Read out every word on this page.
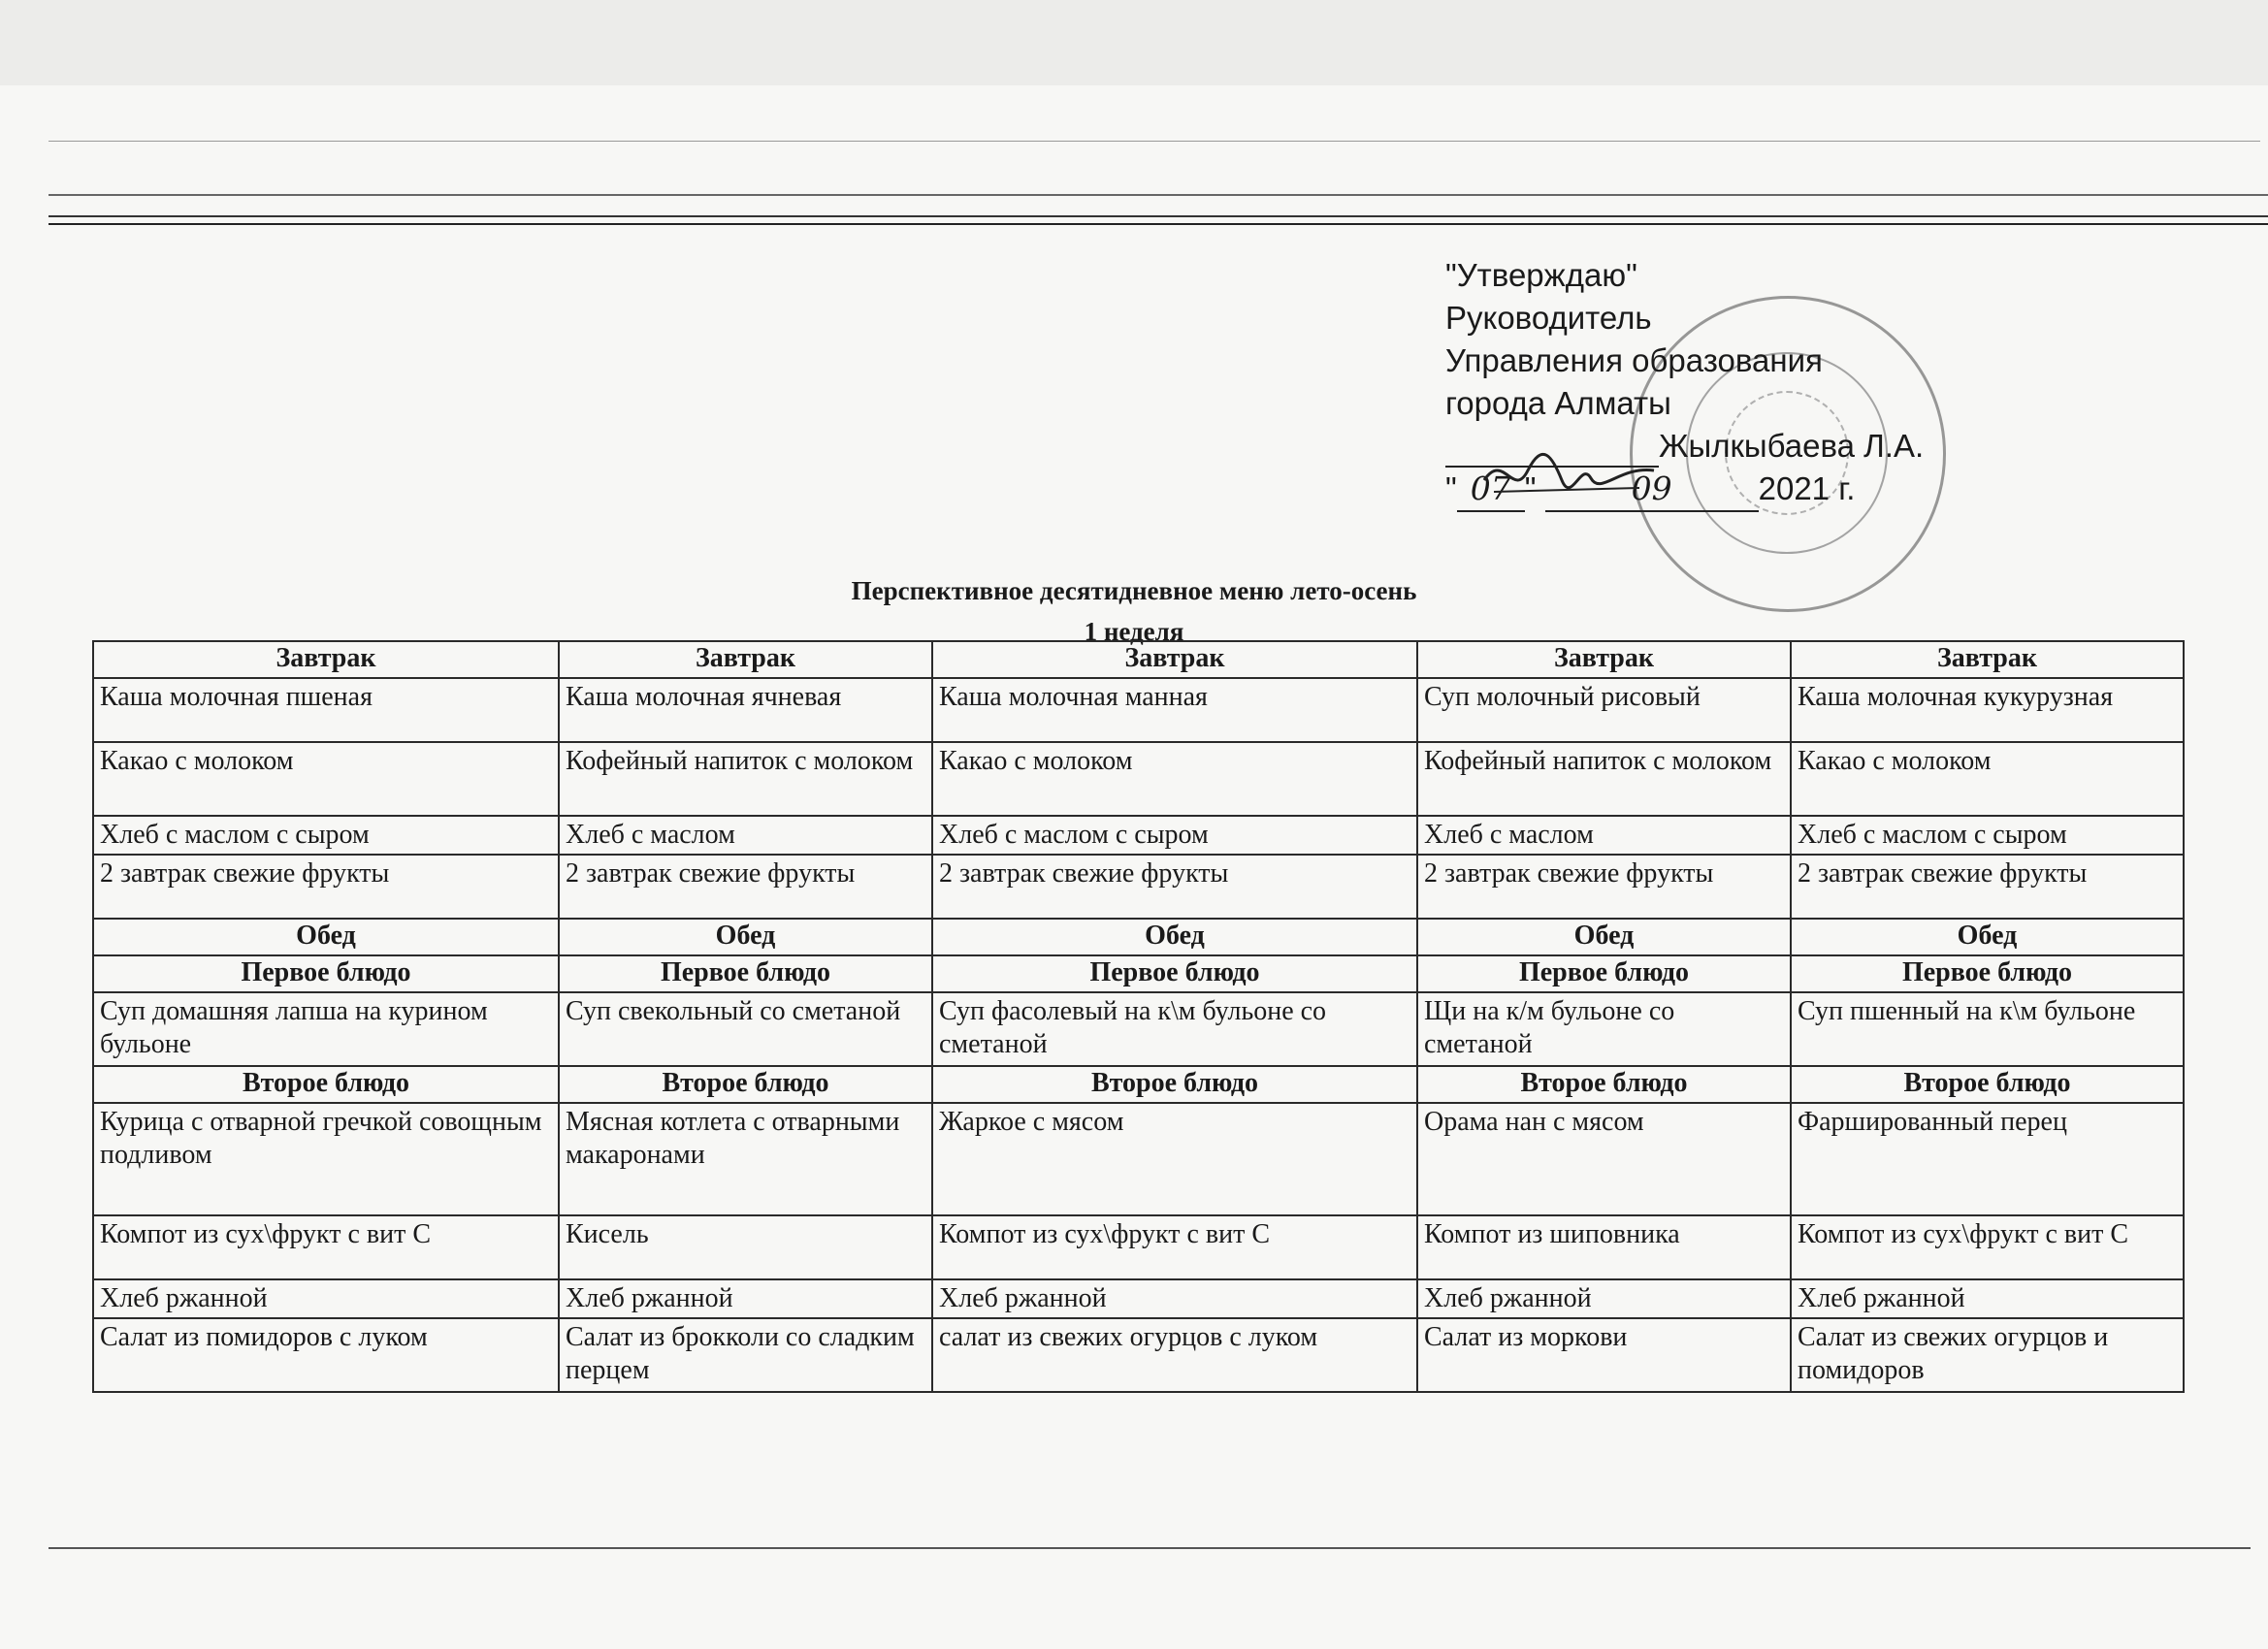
"Утверждаю"
Руководитель
Управления образования
города Алматы
Жылкыбаева Л.А.
" 07 "	09	2021 г.
Перспективное десятидневное меню лето-осень
1 неделя
Завтрак	Завтрак	Завтрак	Завтрак	Завтрак
Каша молочная пшеная	Каша молочная ячневая	Каша молочная манная	Суп молочный рисовый	Каша молочная кукурузная
Какао с молоком	Кофейный напиток с молоком	Какао с молоком	Кофейный напиток с молоком	Какао с молоком
Хлеб с маслом с сыром	Хлеб с маслом	Хлеб с маслом с сыром	Хлеб с маслом	Хлеб с маслом с сыром
2 завтрак свежие фрукты	2 завтрак свежие фрукты	2 завтрак свежие фрукты	2 завтрак свежие фрукты	2 завтрак свежие фрукты
Обед	Обед	Обед	Обед	Обед
Первое блюдо	Первое блюдо	Первое блюдо	Первое блюдо	Первое блюдо
Суп домашняя лапша на курином бульоне	Суп свекольный со сметаной	Суп фасолевый на к\м бульоне со сметаной	Щи на к/м бульоне со сметаной	Суп пшенный на к\м бульоне
Второе блюдо	Второе блюдо	Второе блюдо	Второе блюдо	Второе блюдо
Курица с отварной гречкой совощным подливом	Мясная котлета с отварными макаронами	Жаркое с мясом	Орама нан с мясом	Фаршированный перец
Компот из сух\фрукт с вит С	Кисель	Компот из сух\фрукт с вит С	Компот из шиповника	Компот из сух\фрукт с вит С
Хлеб ржанной	Хлеб ржанной	Хлеб ржанной	Хлеб ржанной	Хлеб ржанной
Салат из помидоров с луком	Салат из брокколи со сладким перцем	салат из свежих огурцов с луком	Салат из моркови	Салат из свежих огурцов и помидоров
